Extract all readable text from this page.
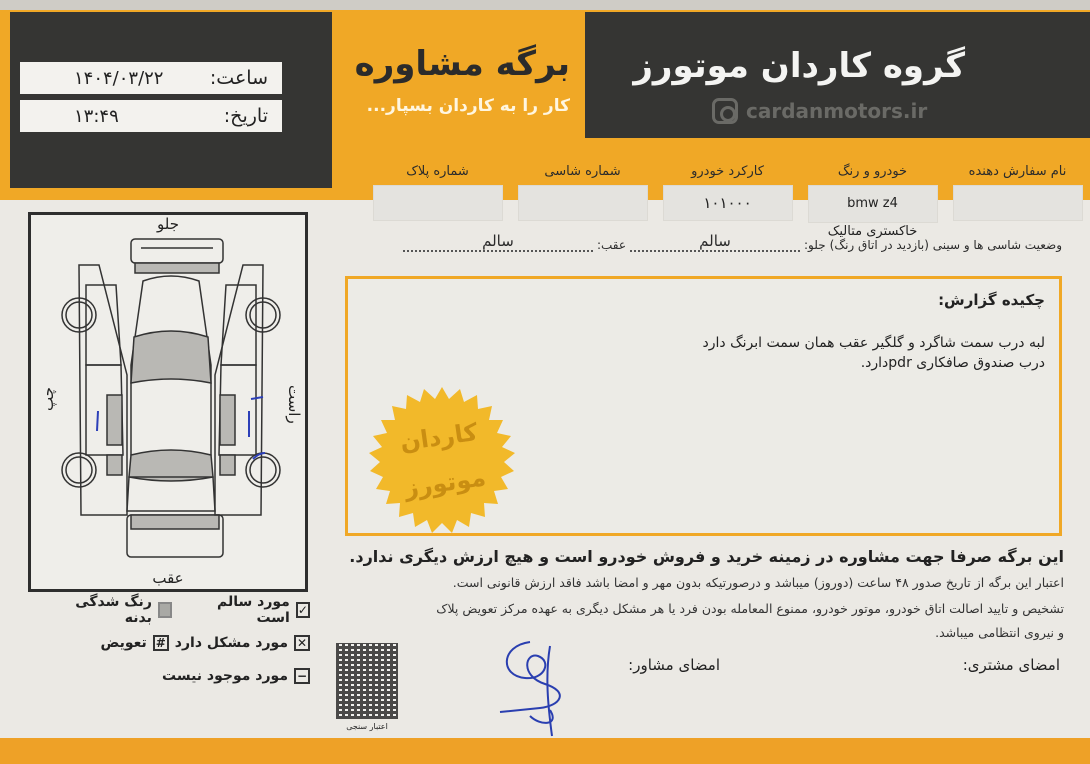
ساعت:
۱۴۰۴/۰۳/۲۲
تاریخ:
۱۳:۴۹
برگه مشاوره
کار را به کاردان بسپار...
گروه کاردان موتورز
cardanmotors.ir
نام سفارش دهنده
خودرو و رنگ
bmw z4
خاکستری متالیک
کارکرد خودرو
۱۰۱۰۰۰
شماره شاسی
شماره پلاک
وضعیت شاسی ها و سینی (بازدید در اتاق رنگ)
جلو:
سالم
عقب:
سالم
چکیده گزارش:
لبه درب سمت شاگرد و گلگیر عقب همان سمت ابرنگ دارد
درب صندوق صافکاری pdrدارد.
کاردان
موتورز
جلو
عقب
راست
چپ
✓
مورد سالم است
رنگ شدگی بدنه
✕
مورد مشکل دارد
#
تعویض
−
مورد موجود نیست
این برگه صرفا جهت مشاوره در زمینه خرید و فروش خودرو است و هیچ ارزش دیگری ندارد.
اعتبار این برگه از تاریخ صدور ۴۸ ساعت (دوروز) میباشد و درصورتیکه بدون مهر و امضا باشد فاقد ارزش قانونی است.
تشخیص و تایید اصالت اتاق خودرو، موتور خودرو، ممنوع المعامله بودن فرد یا هر مشکل دیگری به عهده مرکز تعویض پلاک
و نیروی انتظامی میباشد.
امضای مشتری:
امضای مشاور:
اعتبار سنجی
